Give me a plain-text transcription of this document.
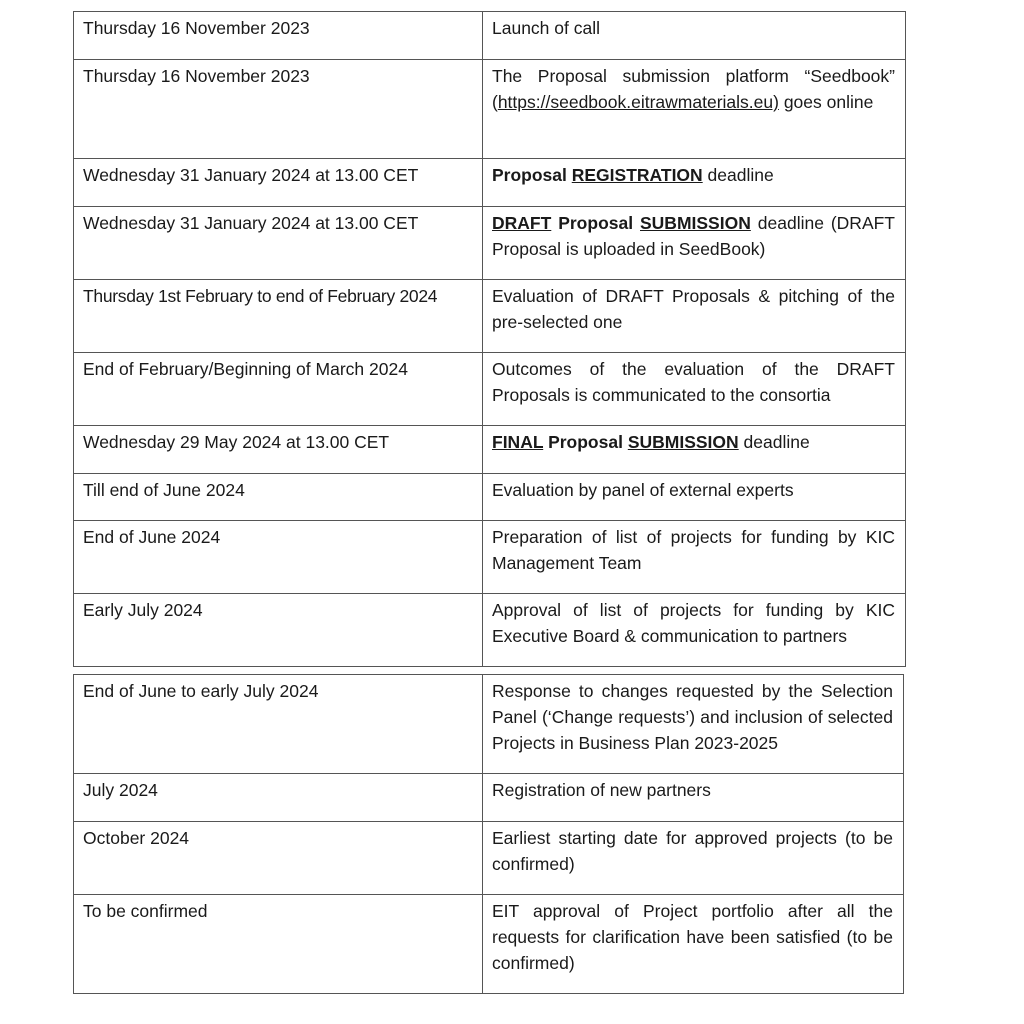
Thursday 16 November 2023	Launch of call
Thursday 16 November 2023	The Proposal submission platform “Seedbook” (https://seedbook.eitrawmaterials.eu) goes online
Wednesday 31 January 2024 at 13.00 CET	Proposal REGISTRATION deadline
Wednesday 31 January 2024 at 13.00 CET	DRAFT Proposal SUBMISSION deadline (DRAFT Proposal is uploaded in SeedBook)
Thursday 1st February to end of February 2024	Evaluation of DRAFT Proposals & pitching of the pre-selected one
End of February/Beginning of March 2024	Outcomes of the evaluation of the DRAFT Proposals is communicated to the consortia
Wednesday 29 May 2024 at 13.00 CET	FINAL Proposal SUBMISSION deadline
Till end of June 2024	Evaluation by panel of external experts
End of June 2024	Preparation of list of projects for funding by KIC Management Team
Early July 2024	Approval of list of projects for funding by KIC Executive Board & communication to partners
End of June to early July 2024	Response to changes requested by the Selection Panel (‘Change requests’) and inclusion of selected Projects in Business Plan 2023-2025
July 2024	Registration of new partners
October 2024	Earliest starting date for approved projects (to be confirmed)
To be confirmed	EIT approval of Project portfolio after all the requests for clarification have been satisfied (to be confirmed)
